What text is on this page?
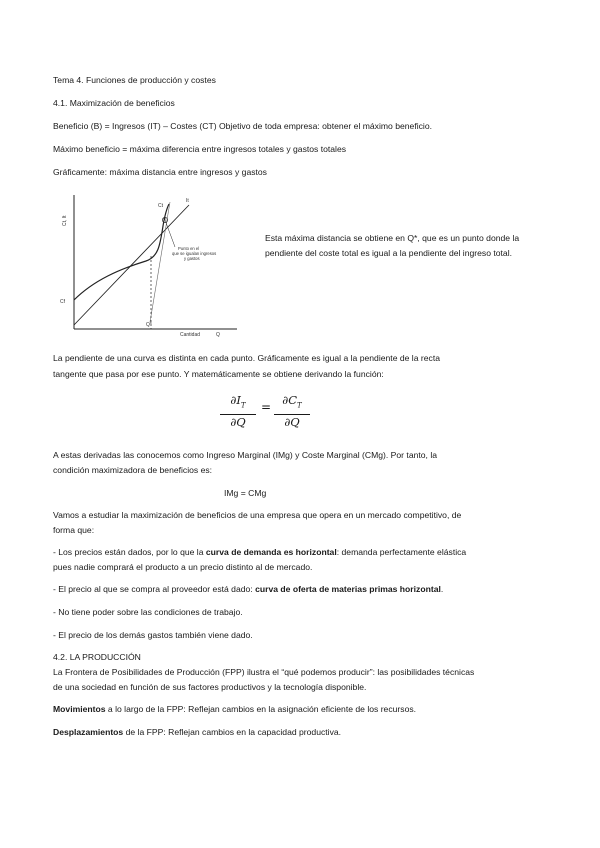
Tema 4. Funciones de producción y costes
4.1. Maximización de beneficios
Beneficio (B) = Ingresos (IT) – Costes (CT) Objetivo de toda empresa: obtener el máximo beneficio.
Máximo beneficio = máxima diferencia entre ingresos totales y gastos totales
Gráficamente: máxima distancia entre ingresos y gastos
Ct, It
Ct
It
Cf
Q*
Cantidad	Q
Punto en el
que se igualan ingresos
y gastos
Esta máxima distancia se obtiene en Q*, que es un punto donde la pendiente del coste total es igual a la pendiente del ingreso total.
La pendiente de una curva es distinta en cada punto. Gráficamente es igual a la pendiente de la recta
tangente que pasa por ese punto. Y matemáticamente se obtiene derivando la función:
$\frac{\partial I_T}{\partial Q} = \frac{\partial C_T}{\partial Q}$
A estas derivadas las conocemos como Ingreso Marginal (IMg) y Coste Marginal (CMg). Por tanto, la
condición maximizadora de beneficios es:
IMg = CMg
Vamos a estudiar la maximización de beneficios de una empresa que opera en un mercado competitivo, de
forma que:
- Los precios están dados, por lo que la curva de demanda es horizontal: demanda perfectamente elástica
pues nadie comprará el producto a un precio distinto al de mercado.
- El precio al que se compra al proveedor está dado: curva de oferta de materias primas horizontal.
- No tiene poder sobre las condiciones de trabajo.
- El precio de los demás gastos también viene dado.
4.2. LA PRODUCCIÓN
La Frontera de Posibilidades de Producción (FPP) ilustra el “qué podemos producir”: las posibilidades técnicas
de una sociedad en función de sus factores productivos y la tecnología disponible.
Movimientos a lo largo de la FPP: Reflejan cambios en la asignación eficiente de los recursos.
Desplazamientos de la FPP: Reflejan cambios en la capacidad productiva.
